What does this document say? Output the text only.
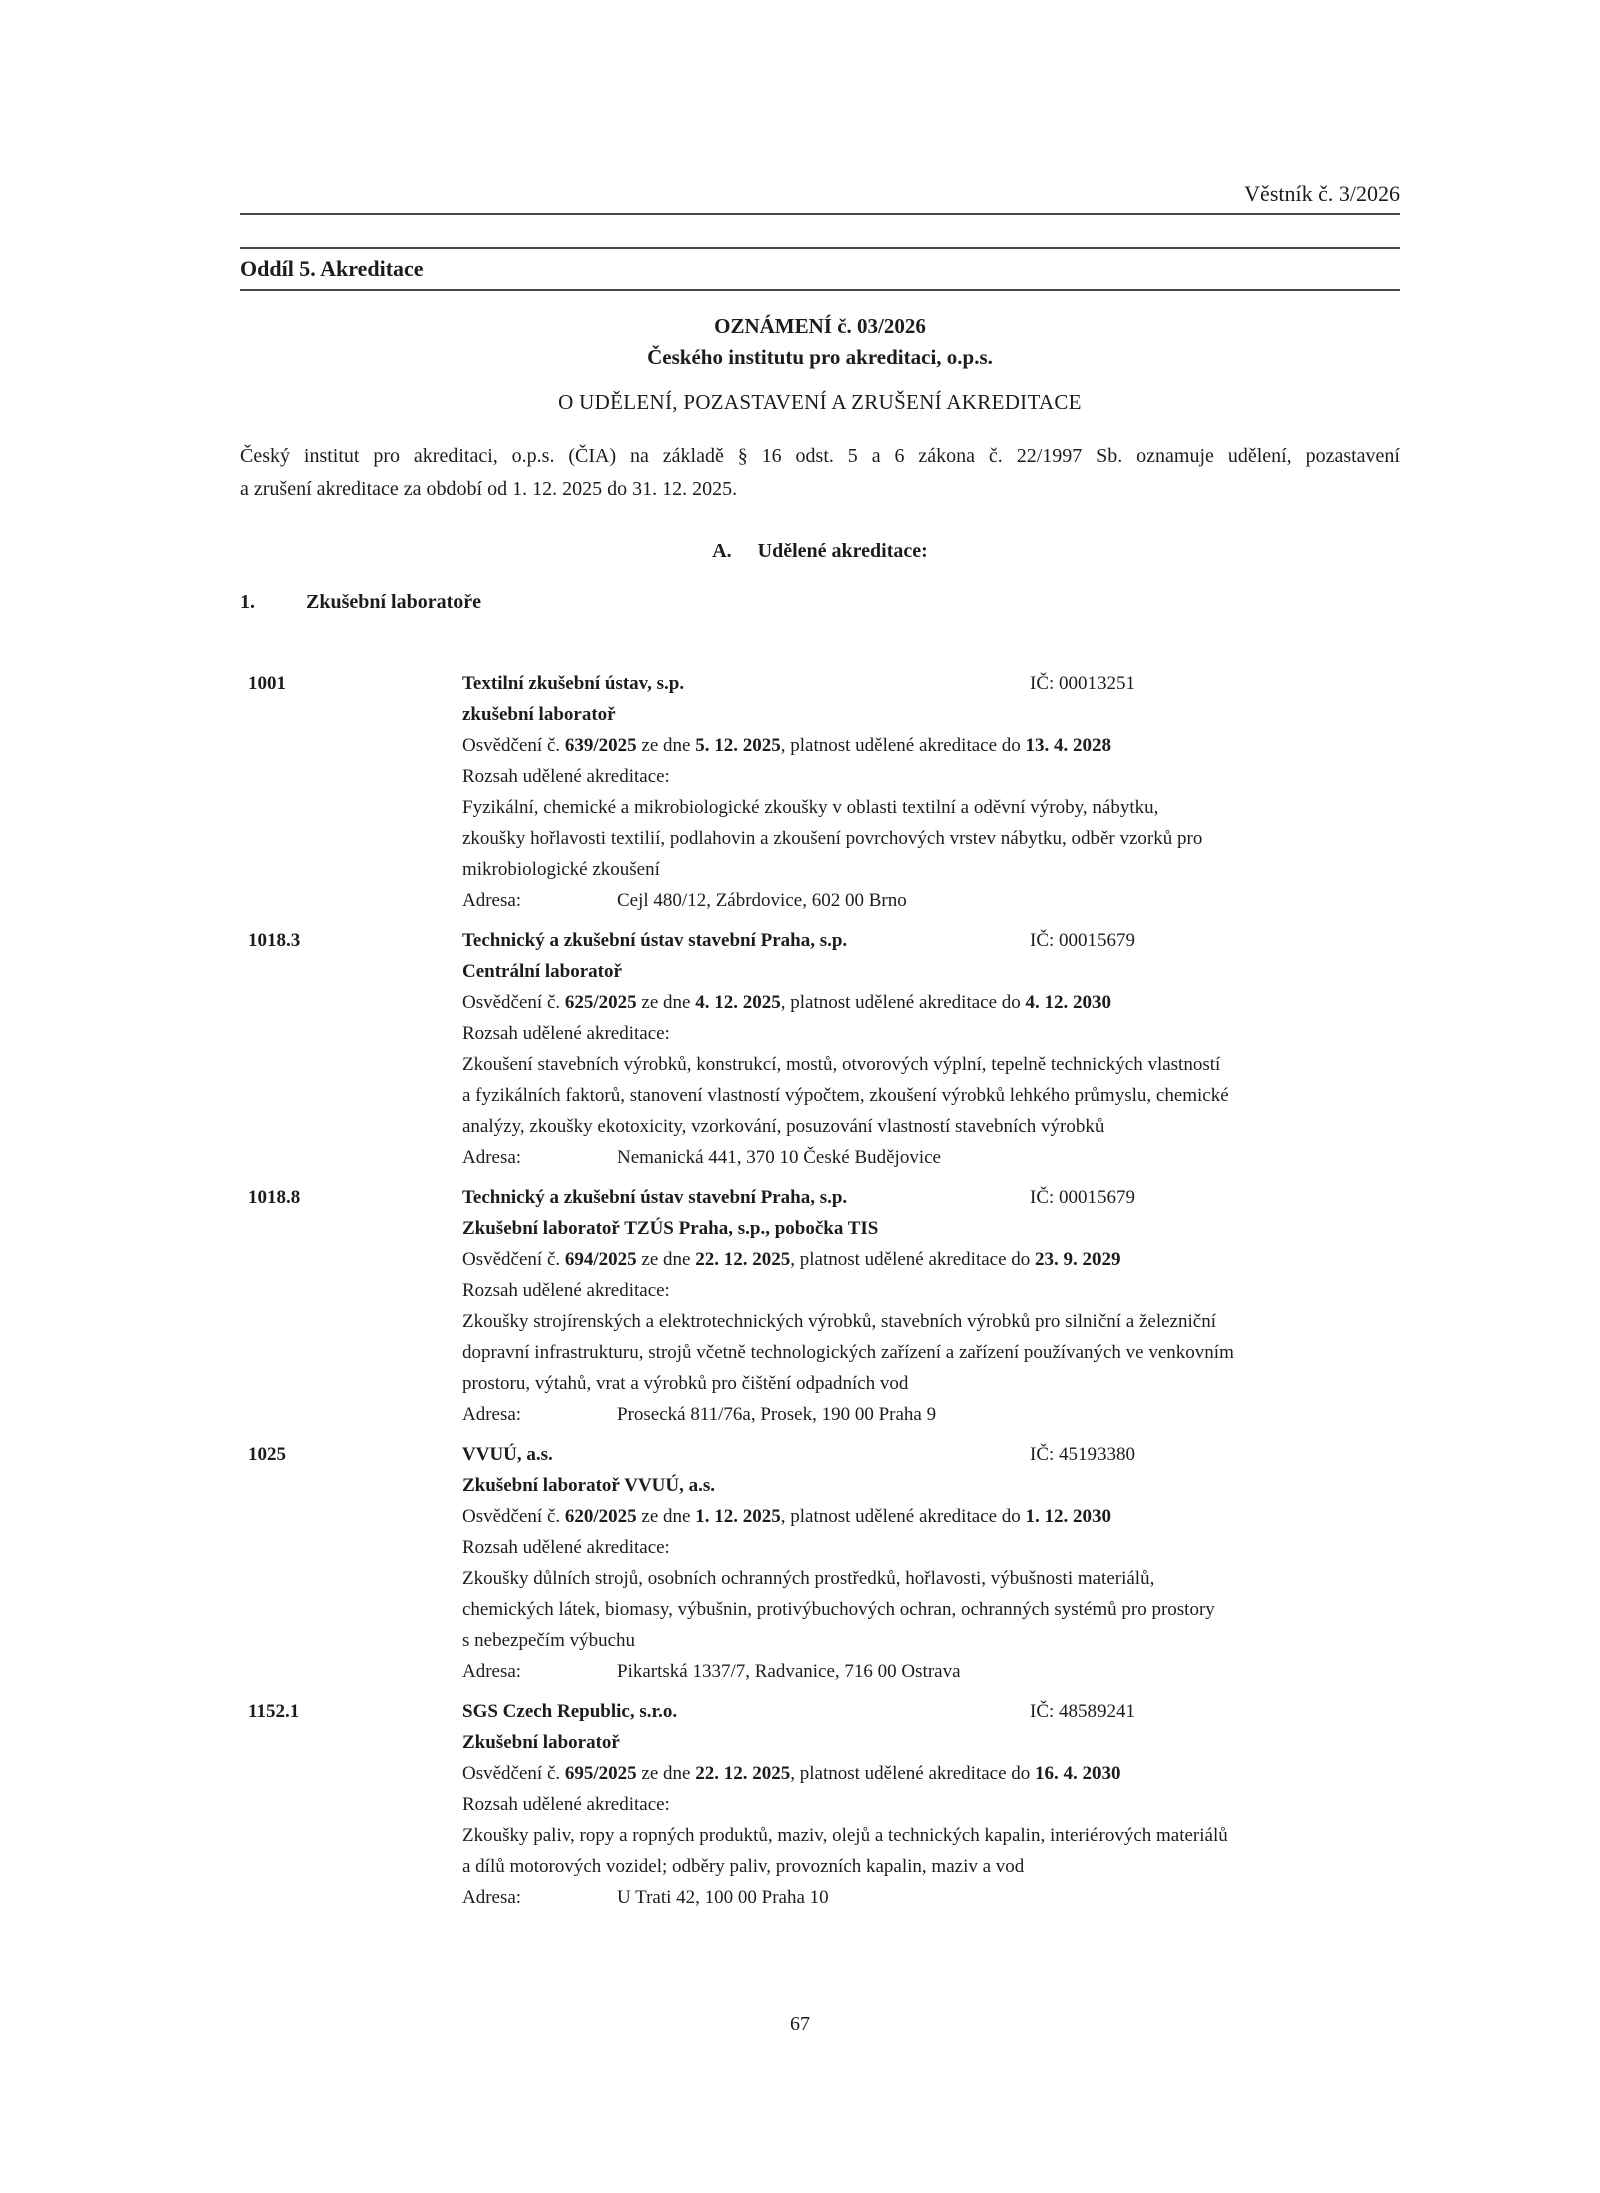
Věstník č. 3/2026
Oddíl 5. Akreditace
OZNÁMENÍ č. 03/2026
Českého institutu pro akreditaci, o.p.s.
O UDĚLENÍ, POZASTAVENÍ A ZRUŠENÍ AKREDITACE
Český institut pro akreditaci, o.p.s. (ČIA) na základě § 16 odst. 5 a 6 zákona č. 22/1997 Sb. oznamuje udělení, pozastavení
a zrušení akreditace za období od 1. 12. 2025 do 31. 12. 2025.
A. Udělené akreditace:
1.	Zkušební laboratoře
1001	Textilní zkušební ústav, s.p.	IČ: 00013251
zkušební laboratoř
Osvědčení č. 639/2025 ze dne 5. 12. 2025, platnost udělené akreditace do 13. 4. 2028
Rozsah udělené akreditace:
Fyzikální, chemické a mikrobiologické zkoušky v oblasti textilní a oděvní výroby, nábytku,
zkoušky hořlavosti textilií, podlahovin a zkoušení povrchových vrstev nábytku, odběr vzorků pro
mikrobiologické zkoušení
Adresa:	Cejl 480/12, Zábrdovice, 602 00 Brno
1018.3	Technický a zkušební ústav stavební Praha, s.p.	IČ: 00015679
Centrální laboratoř
Osvědčení č. 625/2025 ze dne 4. 12. 2025, platnost udělené akreditace do 4. 12. 2030
Rozsah udělené akreditace:
Zkoušení stavebních výrobků, konstrukcí, mostů, otvorových výplní, tepelně technických vlastností
a fyzikálních faktorů, stanovení vlastností výpočtem, zkoušení výrobků lehkého průmyslu, chemické
analýzy, zkoušky ekotoxicity, vzorkování, posuzování vlastností stavebních výrobků
Adresa:	Nemanická 441, 370 10 České Budějovice
1018.8	Technický a zkušební ústav stavební Praha, s.p.	IČ: 00015679
Zkušební laboratoř TZÚS Praha, s.p., pobočka TIS
Osvědčení č. 694/2025 ze dne 22. 12. 2025, platnost udělené akreditace do 23. 9. 2029
Rozsah udělené akreditace:
Zkoušky strojírenských a elektrotechnických výrobků, stavebních výrobků pro silniční a železniční
dopravní infrastrukturu, strojů včetně technologických zařízení a zařízení používaných ve venkovním
prostoru, výtahů, vrat a výrobků pro čištění odpadních vod
Adresa:	Prosecká 811/76a, Prosek, 190 00 Praha 9
1025	VVUÚ, a.s.	IČ: 45193380
Zkušební laboratoř VVUÚ, a.s.
Osvědčení č. 620/2025 ze dne 1. 12. 2025, platnost udělené akreditace do 1. 12. 2030
Rozsah udělené akreditace:
Zkoušky důlních strojů, osobních ochranných prostředků, hořlavosti, výbušnosti materiálů,
chemických látek, biomasy, výbušnin, protivýbuchových ochran, ochranných systémů pro prostory
s nebezpečím výbuchu
Adresa:	Pikartská 1337/7, Radvanice, 716 00 Ostrava
1152.1	SGS Czech Republic, s.r.o.	IČ: 48589241
Zkušební laboratoř
Osvědčení č. 695/2025 ze dne 22. 12. 2025, platnost udělené akreditace do 16. 4. 2030
Rozsah udělené akreditace:
Zkoušky paliv, ropy a ropných produktů, maziv, olejů a technických kapalin, interiérových materiálů
a dílů motorových vozidel; odběry paliv, provozních kapalin, maziv a vod
Adresa:	U Trati 42, 100 00 Praha 10
67
